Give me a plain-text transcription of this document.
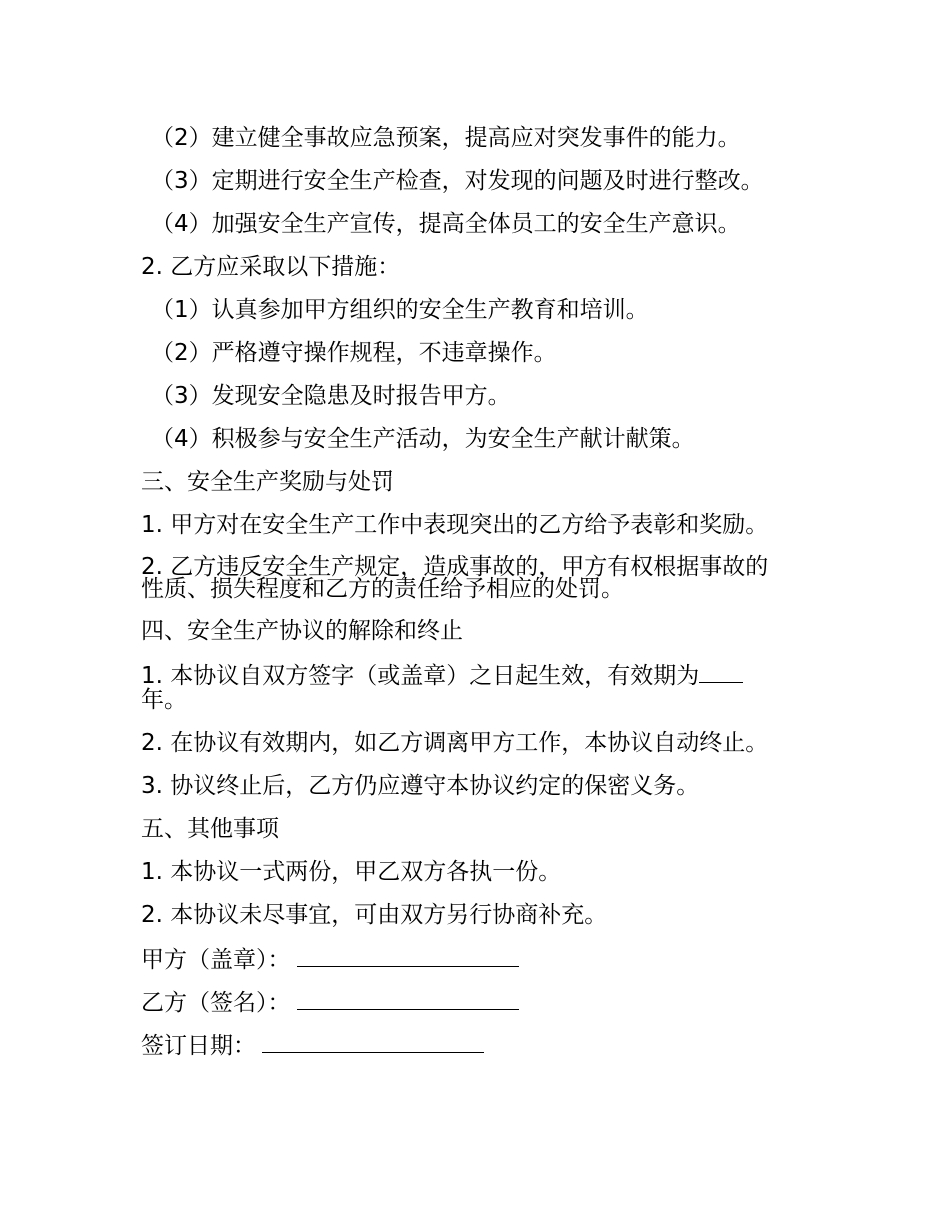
（2）建立健全事故应急预案，提高应对突发事件的能力。
（3）定期进行安全生产检查，对发现的问题及时进行整改。
（4）加强安全生产宣传，提高全体员工的安全生产意识。
2. 乙方应采取以下措施：
（1）认真参加甲方组织的安全生产教育和培训。
（2）严格遵守操作规程，不违章操作。
（3）发现安全隐患及时报告甲方。
（4）积极参与安全生产活动，为安全生产献计献策。
三、安全生产奖励与处罚
1. 甲方对在安全生产工作中表现突出的乙方给予表彰和奖励。
2. 乙方违反安全生产规定，造成事故的，甲方有权根据事故的性质、损失程度和乙方的责任给予相应的处罚。
四、安全生产协议的解除和终止
1. 本协议自双方签字（或盖章）之日起生效，有效期为年。
2. 在协议有效期内，如乙方调离甲方工作，本协议自动终止。
3. 协议终止后，乙方仍应遵守本协议约定的保密义务。
五、其他事项
1. 本协议一式两份，甲乙双方各执一份。
2. 本协议未尽事宜，可由双方另行协商补充。
甲方（盖章）：
乙方（签名）：
签订日期：
